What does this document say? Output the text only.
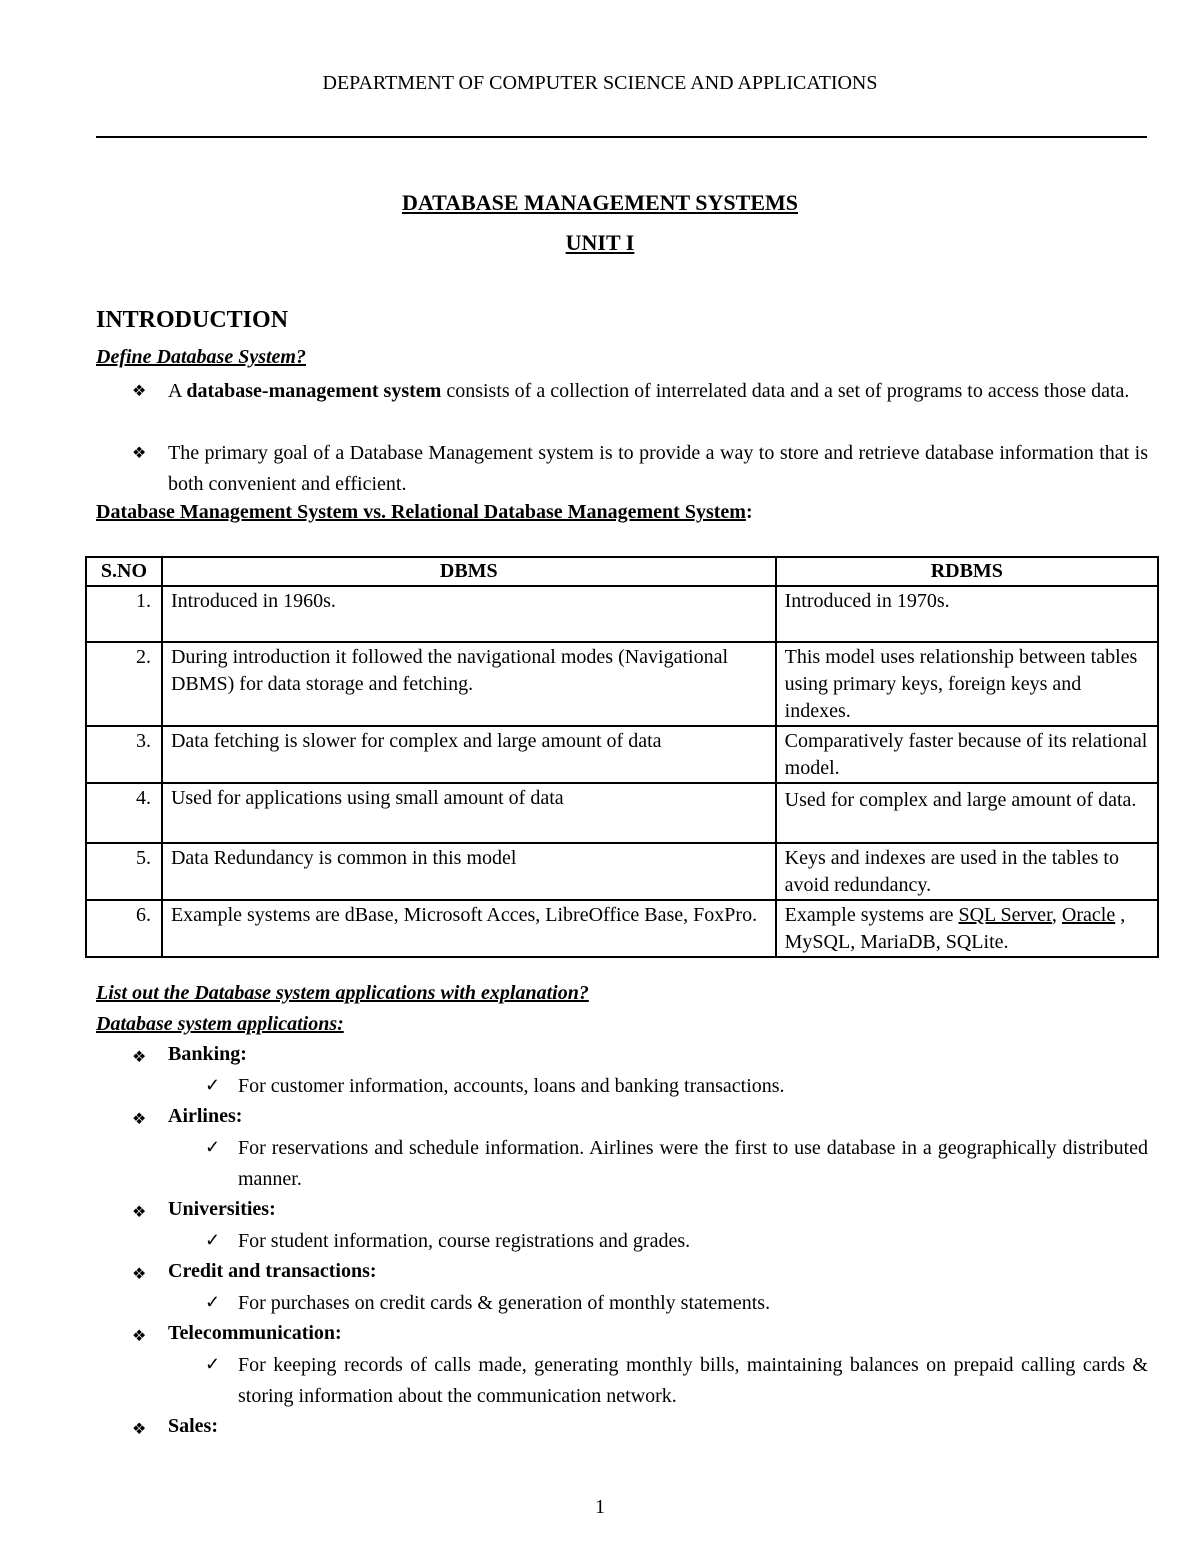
DEPARTMENT OF COMPUTER SCIENCE AND APPLICATIONS
DATABASE MANAGEMENT SYSTEMS
UNIT I
INTRODUCTION
Define Database System?
❖ A database-management system consists of a collection of interrelated data and a set of programs to access those data.
❖ The primary goal of a Database Management system is to provide a way to store and retrieve database information that is both convenient and efficient.
Database Management System vs. Relational Database Management System:
S.NO	DBMS	RDBMS
1.	Introduced in 1960s.	Introduced in 1970s.
2.	During introduction it followed the navigational modes (Navigational DBMS) for data storage and fetching.	This model uses relationship between tables using primary keys, foreign keys and indexes.
3.	Data fetching is slower for complex and large amount of data	Comparatively faster because of its relational model.
4.	Used for applications using small amount of data	Used for complex and large amount of data.
5.	Data Redundancy is common in this model	Keys and indexes are used in the tables to avoid redundancy.
6.	Example systems are dBase, Microsoft Acces, LibreOffice Base, FoxPro.	Example systems are SQL Server, Oracle , MySQL, MariaDB, SQLite.
List out the Database system applications with explanation?
Database system applications:
❖ Banking:
✓ For customer information, accounts, loans and banking transactions.
❖ Airlines:
✓ For reservations and schedule information. Airlines were the first to use database in a geographically distributed manner.
❖ Universities:
✓ For student information, course registrations and grades.
❖ Credit and transactions:
✓ For purchases on credit cards & generation of monthly statements.
❖ Telecommunication:
✓ For keeping records of calls made, generating monthly bills, maintaining balances on prepaid calling cards & storing information about the communication network.
❖ Sales:
1
